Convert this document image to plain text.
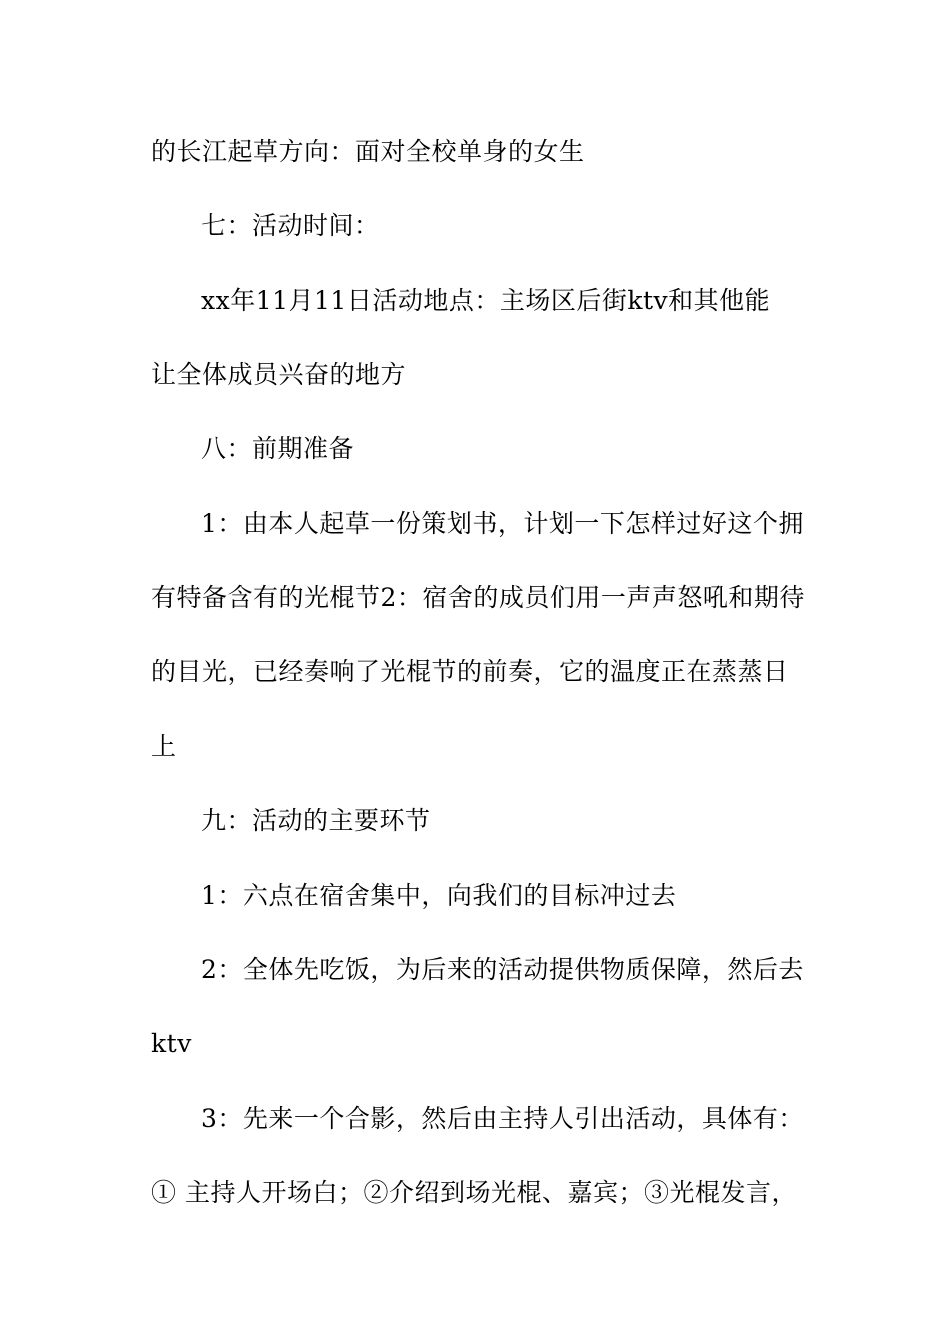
的长江起草方向：面对全校单身的女生
七：活动时间：
xx年11月11日活动地点：主场区后街ktv和其他能
让全体成员兴奋的地方
八：前期准备
1：由本人起草一份策划书，计划一下怎样过好这个拥
有特备含有的光棍节2：宿舍的成员们用一声声怒吼和期待
的目光，已经奏响了光棍节的前奏，它的温度正在蒸蒸日
上
九：活动的主要环节
1：六点在宿舍集中，向我们的目标冲过去
2：全体先吃饭，为后来的活动提供物质保障，然后去
ktv
3：先来一个合影，然后由主持人引出活动，具体有：
① 主持人开场白；②介绍到场光棍、嘉宾；③光棍发言，
